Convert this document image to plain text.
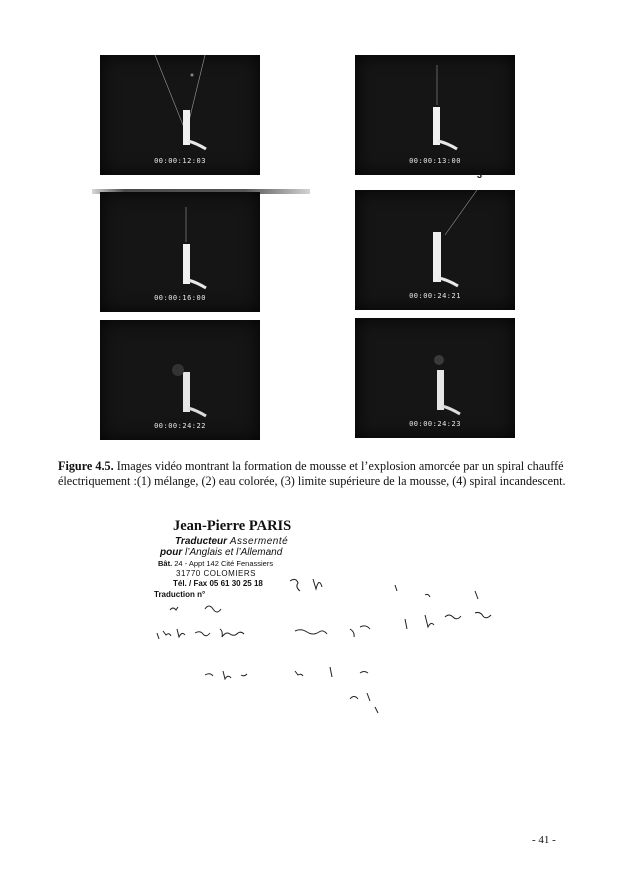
00:00:12:03	00:00:13:00
3
00:00:16:00	00:00:24:21
00:00:24:22	00:00:24:23
Figure 4.5. Images vidéo montrant la formation de mousse et l’explosion amorcée par un spiral chauffé électriquement :(1) mélange, (2) eau colorée, (3) limite supérieure de la mousse, (4) spiral incandescent.
Jean-Pierre PARIS
Traducteur Assermenté
pour l’Anglais et l’Allemand
Bât. 24 - Appt 142 Cité Fenassiers
31770 COLOMIERS
Tél. / Fax 05 61 30 25 18
Traduction n°
- 41 -
